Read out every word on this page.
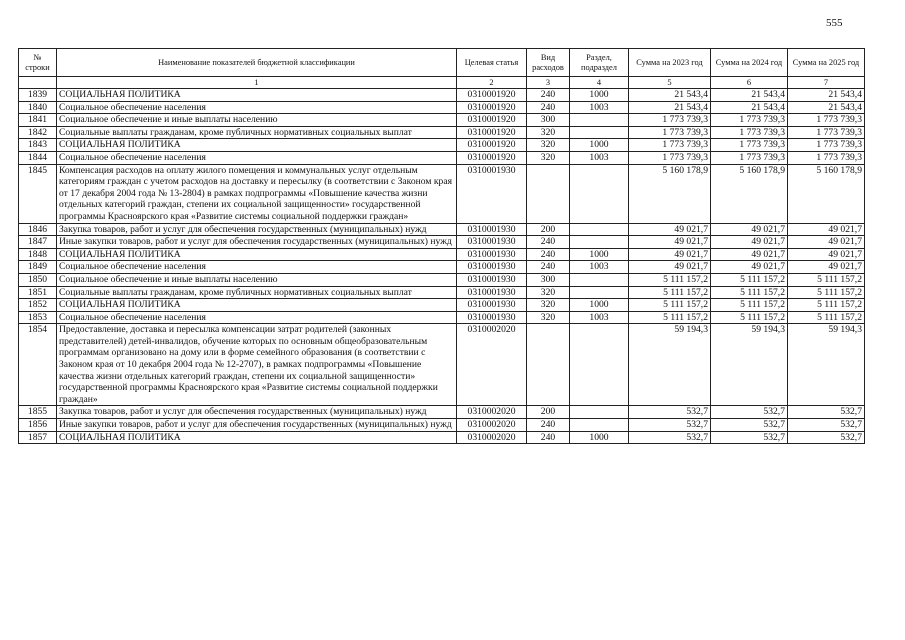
555
№ строки	Наименование показателей бюджетной классификации	Целевая статья	Вид расходов	Раздел, подраздел	Сумма на 2023 год	Сумма на 2024 год	Сумма на 2025 год
	1	2	3	4	5	6	7
1839	СОЦИАЛЬНАЯ ПОЛИТИКА	0310001920	240	1000	21 543,4	21 543,4	21 543,4
1840	Социальное обеспечение населения	0310001920	240	1003	21 543,4	21 543,4	21 543,4
1841	Социальное обеспечение и иные выплаты населению	0310001920	300		1 773 739,3	1 773 739,3	1 773 739,3
1842	Социальные выплаты гражданам, кроме публичных нормативных социальных выплат	0310001920	320		1 773 739,3	1 773 739,3	1 773 739,3
1843	СОЦИАЛЬНАЯ ПОЛИТИКА	0310001920	320	1000	1 773 739,3	1 773 739,3	1 773 739,3
1844	Социальное обеспечение населения	0310001920	320	1003	1 773 739,3	1 773 739,3	1 773 739,3
1845	Компенсация расходов на оплату жилого помещения и коммунальных услуг отдельным категориям граждан с учетом расходов на доставку и пересылку (в соответствии с Законом края от 17 декабря 2004 года № 13-2804) в рамках подпрограммы «Повышение качества жизни отдельных категорий граждан, степени их социальной защищенности» государственной программы Красноярского края «Развитие системы социальной поддержки граждан»	0310001930			5 160 178,9	5 160 178,9	5 160 178,9
1846	Закупка товаров, работ и услуг для обеспечения государственных (муниципальных) нужд	0310001930	200		49 021,7	49 021,7	49 021,7
1847	Иные закупки товаров, работ и услуг для обеспечения государственных (муниципальных) нужд	0310001930	240		49 021,7	49 021,7	49 021,7
1848	СОЦИАЛЬНАЯ ПОЛИТИКА	0310001930	240	1000	49 021,7	49 021,7	49 021,7
1849	Социальное обеспечение населения	0310001930	240	1003	49 021,7	49 021,7	49 021,7
1850	Социальное обеспечение и иные выплаты населению	0310001930	300		5 111 157,2	5 111 157,2	5 111 157,2
1851	Социальные выплаты гражданам, кроме публичных нормативных социальных выплат	0310001930	320		5 111 157,2	5 111 157,2	5 111 157,2
1852	СОЦИАЛЬНАЯ ПОЛИТИКА	0310001930	320	1000	5 111 157,2	5 111 157,2	5 111 157,2
1853	Социальное обеспечение населения	0310001930	320	1003	5 111 157,2	5 111 157,2	5 111 157,2
1854	Предоставление, доставка и пересылка компенсации затрат родителей (законных представителей) детей-инвалидов, обучение которых по основным общеобразовательным программам организовано на дому или в форме семейного образования (в соответствии с Законом края от 10 декабря 2004 года № 12-2707), в рамках подпрограммы «Повышение качества жизни отдельных категорий граждан, степени их социальной защищенности» государственной программы Красноярского края «Развитие системы социальной поддержки граждан»	0310002020			59 194,3	59 194,3	59 194,3
1855	Закупка товаров, работ и услуг для обеспечения государственных (муниципальных) нужд	0310002020	200		532,7	532,7	532,7
1856	Иные закупки товаров, работ и услуг для обеспечения государственных (муниципальных) нужд	0310002020	240		532,7	532,7	532,7
1857	СОЦИАЛЬНАЯ ПОЛИТИКА	0310002020	240	1000	532,7	532,7	532,7
